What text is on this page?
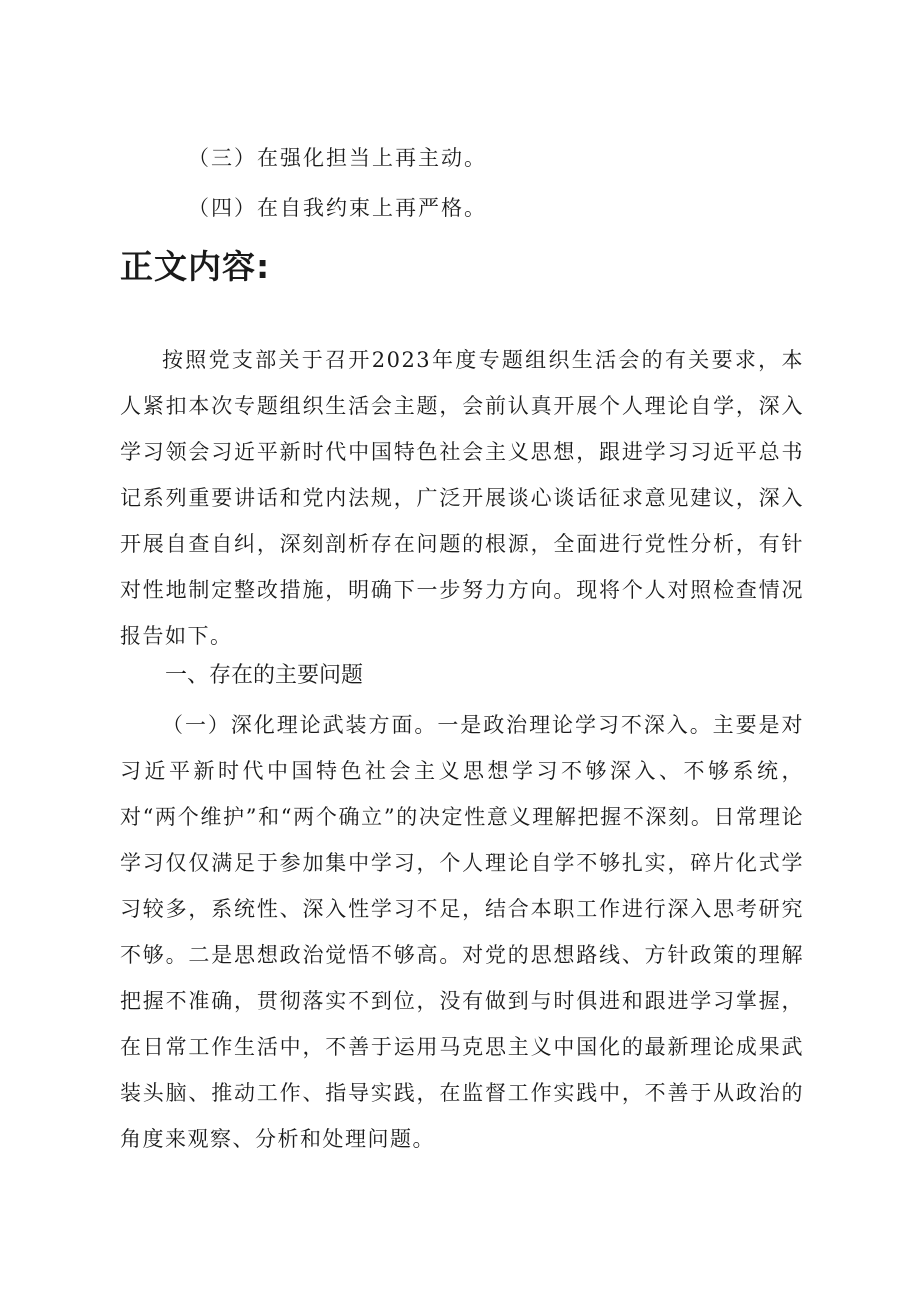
（三）在强化担当上再主动。
（四）在自我约束上再严格。
正文内容:
按照党支部关于召开2023年度专题组织生活会的有关要求，本人紧扣本次专题组织生活会主题，会前认真开展个人理论自学，深入学习领会习近平新时代中国特色社会主义思想，跟进学习习近平总书记系列重要讲话和党内法规，广泛开展谈心谈话征求意见建议，深入开展自查自纠，深刻剖析存在问题的根源，全面进行党性分析，有针对性地制定整改措施，明确下一步努力方向。现将个人对照检查情况报告如下。
一、存在的主要问题
（一）深化理论武装方面。一是政治理论学习不深入。主要是对习近平新时代中国特色社会主义思想学习不够深入、不够系统，对“两个维护”和“两个确立”的决定性意义理解把握不深刻。日常理论学习仅仅满足于参加集中学习，个人理论自学不够扎实，碎片化式学习较多，系统性、深入性学习不足，结合本职工作进行深入思考研究不够。二是思想政治觉悟不够高。对党的思想路线、方针政策的理解把握不准确，贯彻落实不到位，没有做到与时俱进和跟进学习掌握，在日常工作生活中，不善于运用马克思主义中国化的最新理论成果武装头脑、推动工作、指导实践，在监督工作实践中，不善于从政治的角度来观察、分析和处理问题。
